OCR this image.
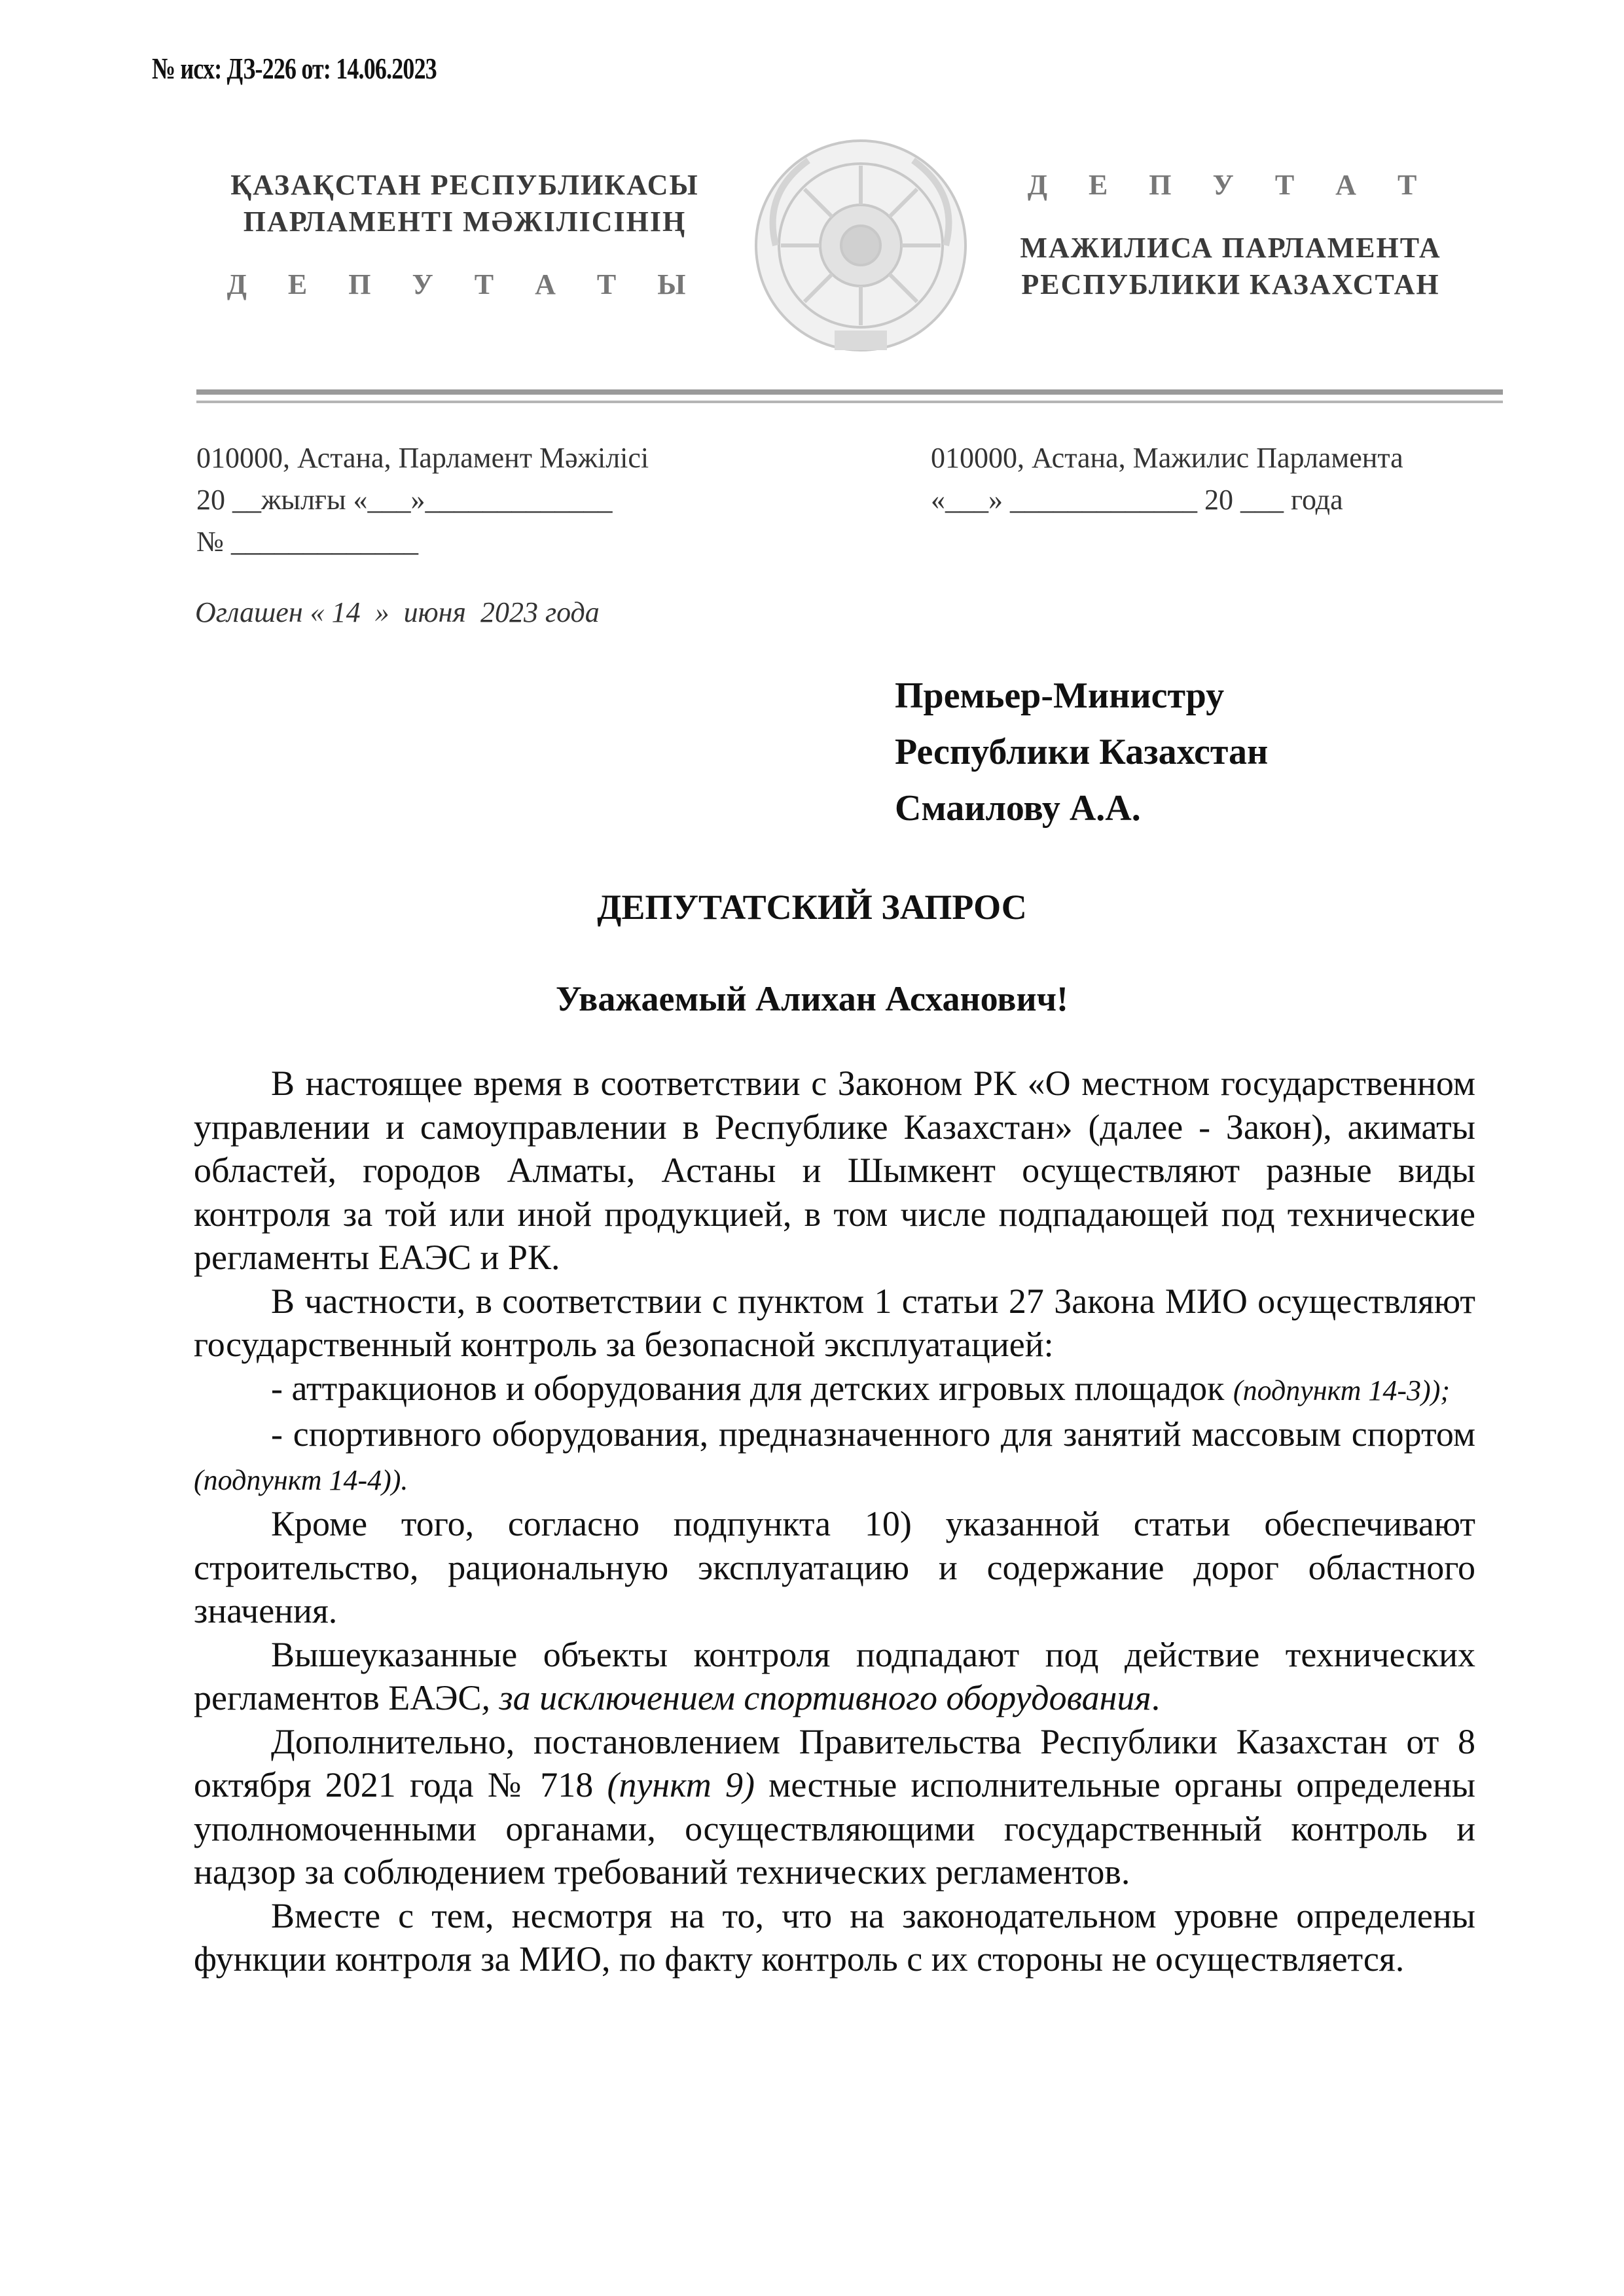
№ исх: ДЗ-226 от: 14.06.2023
ҚАЗАҚСТАН РЕСПУБЛИКАСЫ
ПАРЛАМЕНТІ МӘЖІЛІСІНІҢ
Д Е П У Т А Т Ы
Д Е П У Т А Т
МАЖИЛИСА ПАРЛАМЕНТА
РЕСПУБЛИКИ КАЗАХСТАН
010000, Астана, Парламент Мәжілісі
20 __жылғы «___»_____________
№ _____________
010000, Астана, Мажилис Парламента
«___» _____________ 20 ___ года
Оглашен « 14  »  июня  2023 года
Премьер-Министру
Республики Казахстан
Смаилову А.А.
ДЕПУТАТСКИЙ ЗАПРОС
Уважаемый Алихан Асханович!

В настоящее время в соответствии с Законом РК «О местном государственном управлении и самоуправлении в Республике Казахстан» (далее - Закон), акиматы областей, городов Алматы, Астаны и Шымкент осуществляют разные виды контроля за той или иной продукцией, в том числе подпадающей под технические регламенты ЕАЭС и РК.

В частности, в соответствии с пунктом 1 статьи 27 Закона МИО осуществляют государственный контроль за безопасной эксплуатацией:

- аттракционов и оборудования для детских игровых площадок (подпункт 14-3));

- спортивного оборудования, предназначенного для занятий массовым спортом (подпункт 14-4)).

Кроме того, согласно подпункта 10) указанной статьи обеспечивают строительство, рациональную эксплуатацию и содержание дорог областного значения.

Вышеуказанные объекты контроля подпадают под действие технических регламентов ЕАЭС, за исключением спортивного оборудования.

Дополнительно, постановлением Правительства Республики Казахстан от 8 октября 2021 года № 718 (пункт 9) местные исполнительные органы определены уполномоченными органами, осуществляющими государственный контроль и надзор за соблюдением требований технических регламентов.

Вместе с тем, несмотря на то, что на законодательном уровне определены функции контроля за МИО, по факту контроль с их стороны не осуществляется.
